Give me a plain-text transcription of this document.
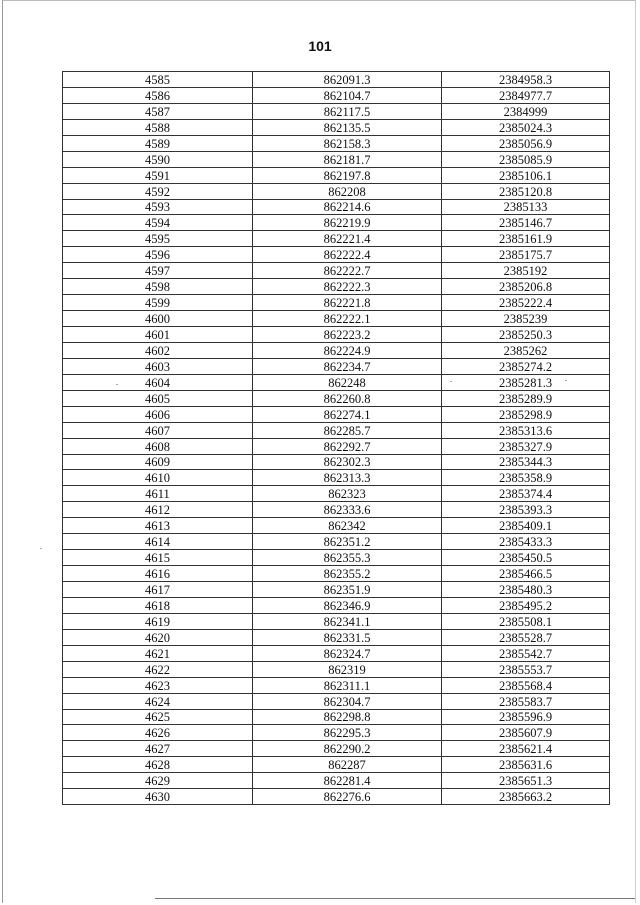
101
4585	862091.3	2384958.3
4586	862104.7	2384977.7
4587	862117.5	2384999
4588	862135.5	2385024.3
4589	862158.3	2385056.9
4590	862181.7	2385085.9
4591	862197.8	2385106.1
4592	862208	2385120.8
4593	862214.6	2385133
4594	862219.9	2385146.7
4595	862221.4	2385161.9
4596	862222.4	2385175.7
4597	862222.7	2385192
4598	862222.3	2385206.8
4599	862221.8	2385222.4
4600	862222.1	2385239
4601	862223.2	2385250.3
4602	862224.9	2385262
4603	862234.7	2385274.2
4604	862248	2385281.3
4605	862260.8	2385289.9
4606	862274.1	2385298.9
4607	862285.7	2385313.6
4608	862292.7	2385327.9
4609	862302.3	2385344.3
4610	862313.3	2385358.9
4611	862323	2385374.4
4612	862333.6	2385393.3
4613	862342	2385409.1
4614	862351.2	2385433.3
4615	862355.3	2385450.5
4616	862355.2	2385466.5
4617	862351.9	2385480.3
4618	862346.9	2385495.2
4619	862341.1	2385508.1
4620	862331.5	2385528.7
4621	862324.7	2385542.7
4622	862319	2385553.7
4623	862311.1	2385568.4
4624	862304.7	2385583.7
4625	862298.8	2385596.9
4626	862295.3	2385607.9
4627	862290.2	2385621.4
4628	862287	2385631.6
4629	862281.4	2385651.3
4630	862276.6	2385663.2
